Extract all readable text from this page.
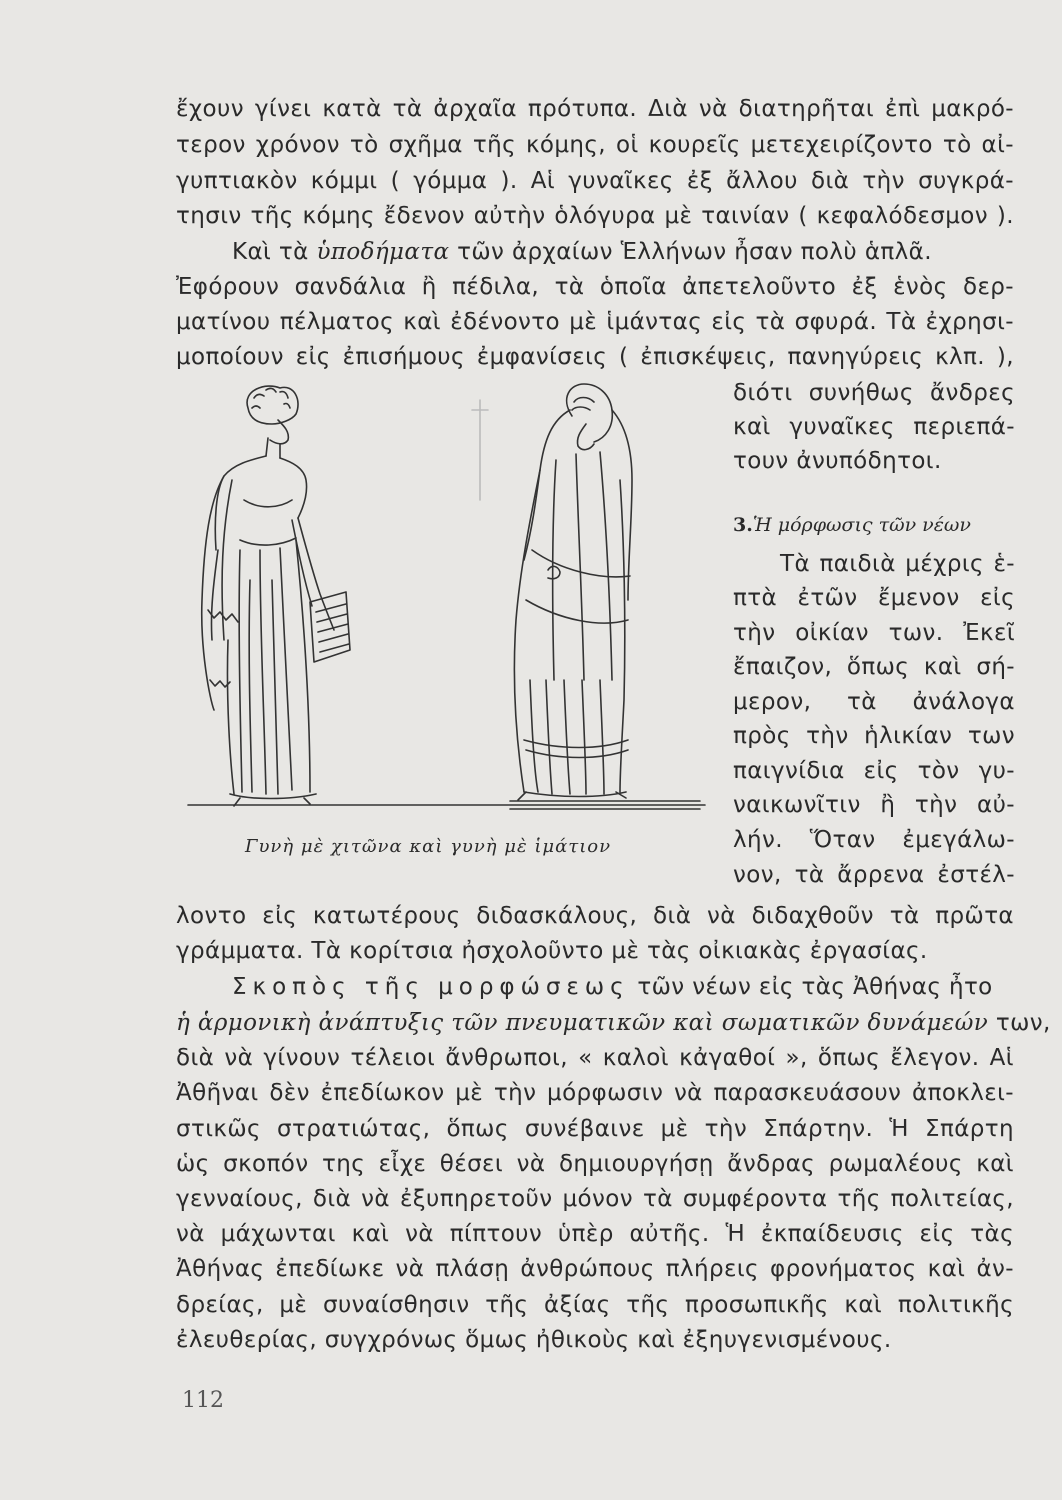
ἔχουν γίνει κατὰ τὰ ἀρχαῖα πρότυπα. Διὰ νὰ διατηρῆται ἐπὶ μακρό-
τερον χρόνον τὸ σχῆμα τῆς κόμης, οἱ κουρεῖς μετεχειρίζοντο τὸ αἰ-
γυπτιακὸν κόμμι ( γόμμα ). Αἱ γυναῖκες ἐξ ἄλλου διὰ τὴν συγκρά-
τησιν τῆς κόμης ἔδενον αὐτὴν ὁλόγυρα μὲ ταινίαν ( κεφαλόδεσμον ).
Καὶ τὰ ὑποδήματα τῶν ἀρχαίων Ἑλλήνων ἦσαν πολὺ ἁπλᾶ.
Ἐφόρουν σανδάλια ἢ πέδιλα, τὰ ὁποῖα ἀπετελοῦντο ἐξ ἑνὸς δερ-
ματίνου πέλματος καὶ ἐδένοντο μὲ ἱμάντας εἰς τὰ σφυρά. Τὰ ἐχρησι-
μοποίουν εἰς ἐπισήμους ἐμφανίσεις ( ἐπισκέψεις, πανηγύρεις κλπ. ),
διότι συνήθως ἄνδρες
καὶ γυναῖκες περιεπά-
τουν ἀνυπόδητοι.
3.Ἡ μόρφωσις τῶν νέων
Τὰ παιδιὰ μέχρις ἑ-
πτὰ ἐτῶν ἔμενον εἰς
τὴν οἰκίαν των. Ἐκεῖ
ἔπαιζον, ὅπως καὶ σή-
μερον, τὰ ἀνάλογα
πρὸς τὴν ἡλικίαν των
παιγνίδια εἰς τὸν γυ-
ναικωνῖτιν ἢ τὴν αὐ-
λήν. Ὅταν ἐμεγάλω-
νον, τὰ ἄρρενα ἐστέλ-
Γυνὴ μὲ χιτῶνα καὶ γυνὴ μὲ ἱμάτιον
λοντο εἰς κατωτέρους διδασκάλους, διὰ νὰ διδαχθοῦν τὰ πρῶτα
γράμματα. Τὰ κορίτσια ἠσχολοῦντο μὲ τὰς οἰκιακὰς ἐργασίας.
Σκοπὸς τῆς μορφώσεως τῶν νέων εἰς τὰς Ἀθήνας ἦτο
ἡ ἁρμονικὴ ἀνάπτυξις τῶν πνευματικῶν καὶ σωματικῶν δυνάμεών των,
διὰ νὰ γίνουν τέλειοι ἄνθρωποι, « καλοὶ κἀγαθοί », ὅπως ἔλεγον. Αἱ
Ἀθῆναι δὲν ἐπεδίωκον μὲ τὴν μόρφωσιν νὰ παρασκευάσουν ἀποκλει-
στικῶς στρατιώτας, ὅπως συνέβαινε μὲ τὴν Σπάρτην. Ἡ Σπάρτη
ὡς σκοπόν της εἶχε θέσει νὰ δημιουργήσῃ ἄνδρας ρωμαλέους καὶ
γενναίους, διὰ νὰ ἐξυπηρετοῦν μόνον τὰ συμφέροντα τῆς πολιτείας,
νὰ μάχωνται καὶ νὰ πίπτουν ὑπὲρ αὐτῆς. Ἡ ἐκπαίδευσις εἰς τὰς
Ἀθήνας ἐπεδίωκε νὰ πλάσῃ ἀνθρώπους πλήρεις φρονήματος καὶ ἀν-
δρείας, μὲ συναίσθησιν τῆς ἀξίας τῆς προσωπικῆς καὶ πολιτικῆς
ἐλευθερίας, συγχρόνως ὅμως ἠθικοὺς καὶ ἐξηυγενισμένους.
112
